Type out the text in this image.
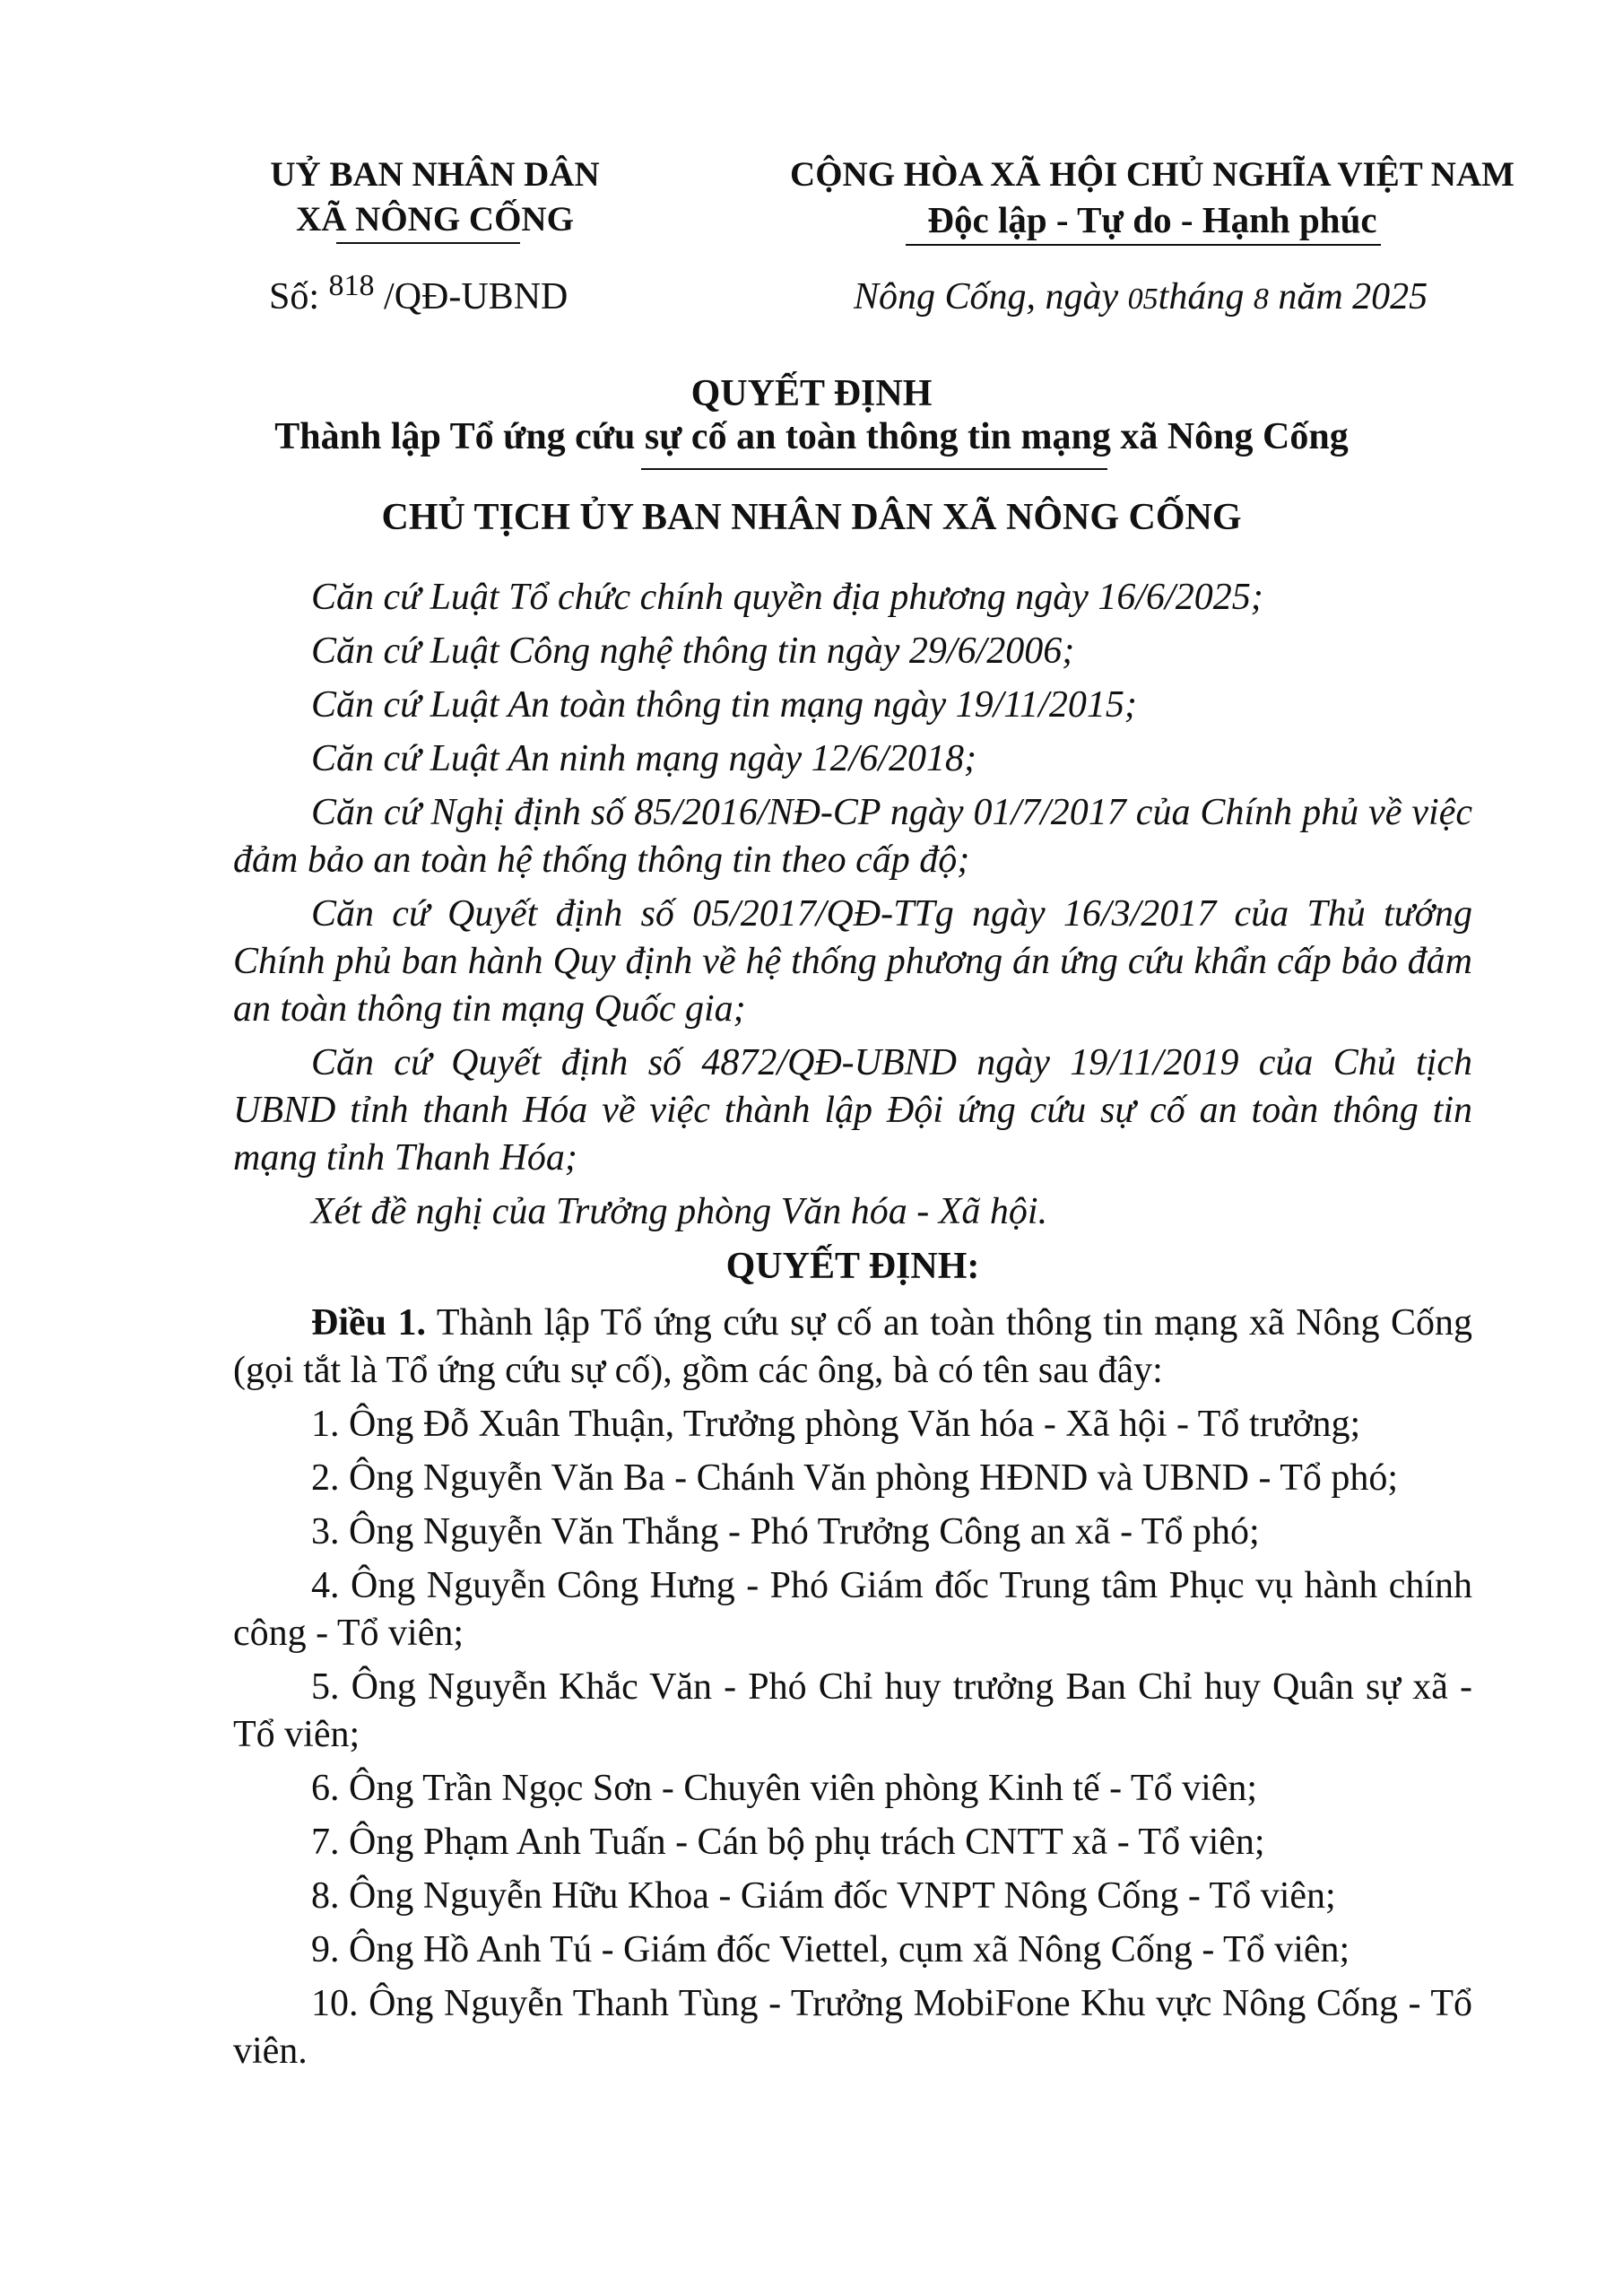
UỶ BAN NHÂN DÂN
XÃ NÔNG CỐNG
CỘNG HÒA XÃ HỘI CHỦ NGHĨA VIỆT NAM
Độc lập - Tự do - Hạnh phúc
Số: $^{818}$ /QĐ-UBND	Nông Cống, ngày 05tháng 8 năm 2025
QUYẾT ĐỊNH
Thành lập Tổ ứng cứu sự cố an toàn thông tin mạng xã Nông Cống
CHỦ TỊCH ỦY BAN NHÂN DÂN XÃ NÔNG CỐNG

Căn cứ Luật Tổ chức chính quyền địa phương ngày 16/6/2025;

Căn cứ Luật Công nghệ thông tin ngày 29/6/2006;

Căn cứ Luật An toàn thông tin mạng ngày 19/11/2015;

Căn cứ Luật An ninh mạng ngày 12/6/2018;

Căn cứ Nghị định số 85/2016/NĐ-CP ngày 01/7/2017 của Chính phủ về việc đảm bảo an toàn hệ thống thông tin theo cấp độ;

Căn cứ Quyết định số 05/2017/QĐ-TTg ngày 16/3/2017 của Thủ tướng Chính phủ ban hành Quy định về hệ thống phương án ứng cứu khẩn cấp bảo đảm an toàn thông tin mạng Quốc gia;

Căn cứ Quyết định số 4872/QĐ-UBND ngày 19/11/2019 của Chủ tịch UBND tỉnh thanh Hóa về việc thành lập Đội ứng cứu sự cố an toàn thông tin mạng tỉnh Thanh Hóa;

Xét đề nghị của Trưởng phòng Văn hóa - Xã hội.

QUYẾT ĐỊNH:

Điều 1. Thành lập Tổ ứng cứu sự cố an toàn thông tin mạng xã Nông Cống (gọi tắt là Tổ ứng cứu sự cố), gồm các ông, bà có tên sau đây:

1. Ông Đỗ Xuân Thuận, Trưởng phòng Văn hóa - Xã hội - Tổ trưởng;

2. Ông Nguyễn Văn Ba - Chánh Văn phòng HĐND và UBND - Tổ phó;

3. Ông Nguyễn Văn Thắng - Phó Trưởng Công an xã - Tổ phó;

4. Ông Nguyễn Công Hưng - Phó Giám đốc Trung tâm Phục vụ hành chính công - Tổ viên;

5. Ông Nguyễn Khắc Văn - Phó Chỉ huy trưởng Ban Chỉ huy Quân sự xã - Tổ viên;

6. Ông Trần Ngọc Sơn - Chuyên viên phòng Kinh tế - Tổ viên;

7. Ông Phạm Anh Tuấn - Cán bộ phụ trách CNTT xã - Tổ viên;

8. Ông Nguyễn Hữu Khoa - Giám đốc VNPT Nông Cống - Tổ viên;

9. Ông Hồ Anh Tú - Giám đốc Viettel, cụm xã Nông Cống - Tổ viên;

10. Ông Nguyễn Thanh Tùng - Trưởng MobiFone Khu vực Nông Cống - Tổ viên.
